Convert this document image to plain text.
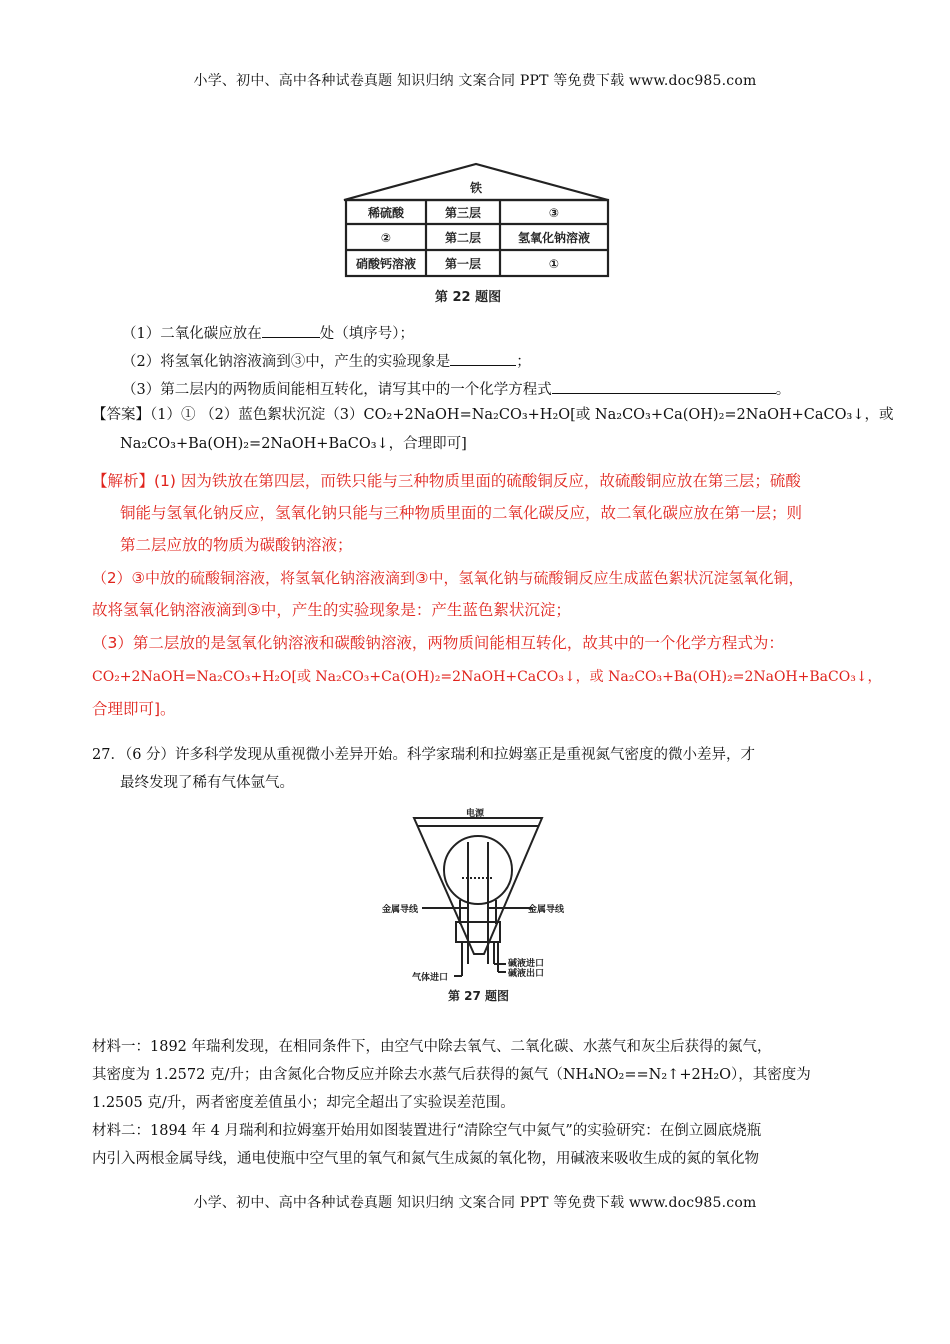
小学、初中、高中各种试卷真题 知识归纳 文案合同 PPT 等免费下载 www.doc985.com
铁
稀硫酸	第三层	③
②	第二层	氢氧化钠溶液
硝酸钙溶液 第一层	①
第 22 题图
（1）二氧化碳应放在	处（填序号）；
（2）将氢氧化钠溶液滴到③中，产生的实验现象是	；
（3）第二层内的两物质间能相互转化，请写其中的一个化学方程式	。
【答案】（1）① （2）蓝色絮状沉淀（3）CO₂+2NaOH=Na₂CO₃+H₂O[或 Na₂CO₃+Ca(OH)₂=2NaOH+CaCO₃↓，或
Na₂CO₃+Ba(OH)₂=2NaOH+BaCO₃↓，合理即可]
【解析】(1) 因为铁放在第四层，而铁只能与三种物质里面的硫酸铜反应，故硫酸铜应放在第三层；硫酸
铜能与氢氧化钠反应，氢氧化钠只能与三种物质里面的二氧化碳反应，故二氧化碳应放在第一层；则
第二层应放的物质为碳酸钠溶液；
（2）③中放的硫酸铜溶液，将氢氧化钠溶液滴到③中，氢氧化钠与硫酸铜反应生成蓝色絮状沉淀氢氧化铜，
故将氢氧化钠溶液滴到③中，产生的实验现象是：产生蓝色絮状沉淀；
（3）第二层放的是氢氧化钠溶液和碳酸钠溶液，两物质间能相互转化，故其中的一个化学方程式为：
CO₂+2NaOH=Na₂CO₃+H₂O[或 Na₂CO₃+Ca(OH)₂=2NaOH+CaCO₃↓，或 Na₂CO₃+Ba(OH)₂=2NaOH+BaCO₃↓，
合理即可]。
27．（6 分）许多科学发现从重视微小差异开始。科学家瑞利和拉姆塞正是重视氮气密度的微小差异，才
最终发现了稀有气体氩气。
电源
金属导线	金属导线
碱液进口
碱液出口
气体进口
第 27 题图
材料一：1892 年瑞利发现，在相同条件下，由空气中除去氧气、二氧化碳、水蒸气和灰尘后获得的氮气，
其密度为 1.2572 克/升；由含氮化合物反应并除去水蒸气后获得的氮气（NH₄NO₂==N₂↑+2H₂O），其密度为
1.2505 克/升，两者密度差值虽小；却完全超出了实验误差范围。
材料二：1894 年 4 月瑞利和拉姆塞开始用如图装置进行“清除空气中氮气”的实验研究：在倒立圆底烧瓶
内引入两根金属导线，通电使瓶中空气里的氧气和氮气生成氮的氧化物，用碱液来吸收生成的氮的氧化物
小学、初中、高中各种试卷真题 知识归纳 文案合同 PPT 等免费下载 www.doc985.com
